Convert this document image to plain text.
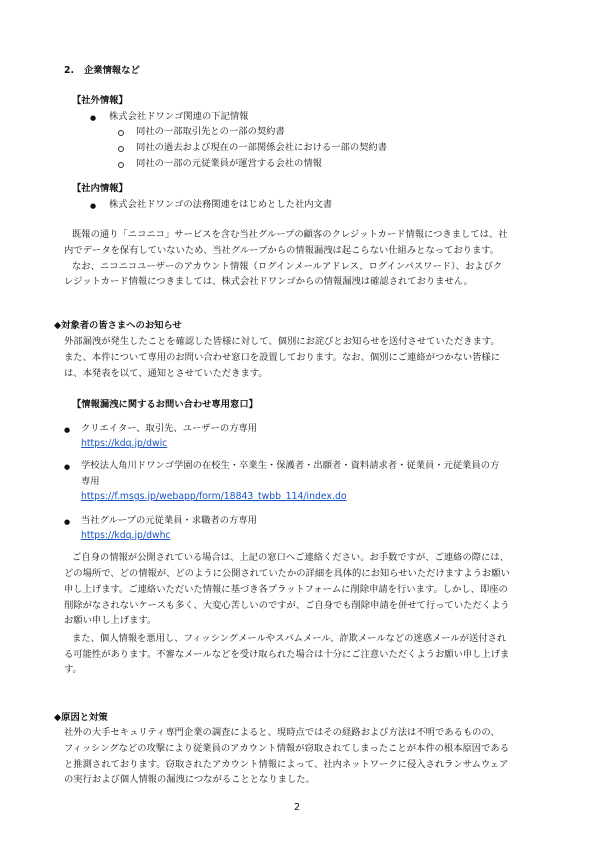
2. 企業情報など
【社外情報】
● 株式会社ドワンゴ関連の下記情報
同社の一部取引先との一部の契約書
同社の過去および現在の一部関係会社における一部の契約書
同社の一部の元従業員が運営する会社の情報
【社内情報】
● 株式会社ドワンゴの法務関連をはじめとした社内文書
既報の通り「ニコニコ」サービスを含む当社グループの顧客のクレジットカード情報につきましては、社
内でデータを保有していないため、当社グループからの情報漏洩は起こらない仕組みとなっております。
なお、ニコニコユーザーのアカウント情報（ログインメールアドレス、ログインパスワード）、およびク
レジットカード情報につきましては、株式会社ドワンゴからの情報漏洩は確認されておりません。
◆対象者の皆さまへのお知らせ
外部漏洩が発生したことを確認した皆様に対して、個別にお詫びとお知らせを送付させていただきます。
また、本件について専用のお問い合わせ窓口を設置しております。なお、個別にご連絡がつかない皆様に
は、本発表を以て、通知とさせていただきます。
【情報漏洩に関するお問い合わせ専用窓口】
● クリエイター、取引先、ユーザーの方専用
https://kdq.jp/dwic
● 学校法人角川ドワンゴ学園の在校生・卒業生・保護者・出願者・資料請求者・従業員・元従業員の方
専用
https://f.msgs.jp/webapp/form/18843_twbb_114/index.do
● 当社グループの元従業員・求職者の方専用
https://kdq.jp/dwhc
ご自身の情報が公開されている場合は、上記の窓口へご連絡ください。お手数ですが、ご連絡の際には、
どの場所で、どの情報が、どのように公開されていたかの詳細を具体的にお知らせいただけますようお願い
申し上げます。ご連絡いただいた情報に基づき各プラットフォームに削除申請を行います。しかし、即座の
削除がなされないケースも多く、大変心苦しいのですが、ご自身でも削除申請を併せて行っていただくよう
お願い申し上げます。
また、個人情報を悪用し、フィッシングメールやスパムメール、詐欺メールなどの迷惑メールが送付され
る可能性があります。不審なメールなどを受け取られた場合は十分にご注意いただくようお願い申し上げま
す。
◆原因と対策
社外の大手セキュリティ専門企業の調査によると、現時点ではその経路および方法は不明であるものの、
フィッシングなどの攻撃により従業員のアカウント情報が窃取されてしまったことが本件の根本原因である
と推測されております。窃取されたアカウント情報によって、社内ネットワークに侵入されランサムウェア
の実行および個人情報の漏洩につながることとなりました。
2
